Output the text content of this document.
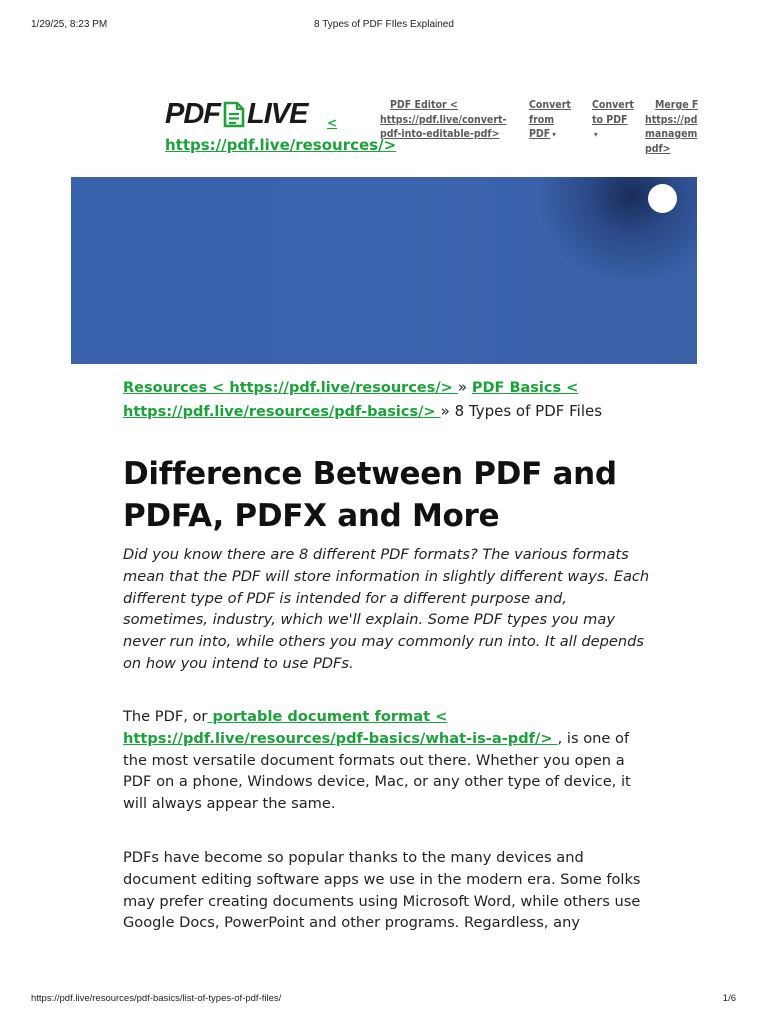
1/29/25, 8:23 PM	8 Types of PDF FIles Explained
PDF LIVE <
https://pdf.live/resources/>
PDF Editor <
https://pdf.live/convert-
pdf-into-editable-pdf>
Convert
from
PDF ▾
Convert
to PDF
▾
Merge F
https://pd
managem
pdf>
Resources < https://pdf.live/resources/> » PDF Basics <
https://pdf.live/resources/pdf-basics/> » 8 Types of PDF Files
Difference Between PDF and PDFA, PDFX and More
Did you know there are 8 different PDF formats? The various formats mean that the PDF will store information in slightly different ways. Each different type of PDF is intended for a different purpose and, sometimes, industry, which we'll explain. Some PDF types you may never run into, while others you may commonly run into. It all depends on how you intend to use PDFs.
The PDF, or portable document format < https://pdf.live/resources/pdf-basics/what-is-a-pdf/> , is one of the most versatile document formats out there. Whether you open a PDF on a phone, Windows device, Mac, or any other type of device, it will always appear the same.
PDFs have become so popular thanks to the many devices and document editing software apps we use in the modern era. Some folks may prefer creating documents using Microsoft Word, while others use Google Docs, PowerPoint and other programs. Regardless, any
https://pdf.live/resources/pdf-basics/list-of-types-of-pdf-files/	1/6
